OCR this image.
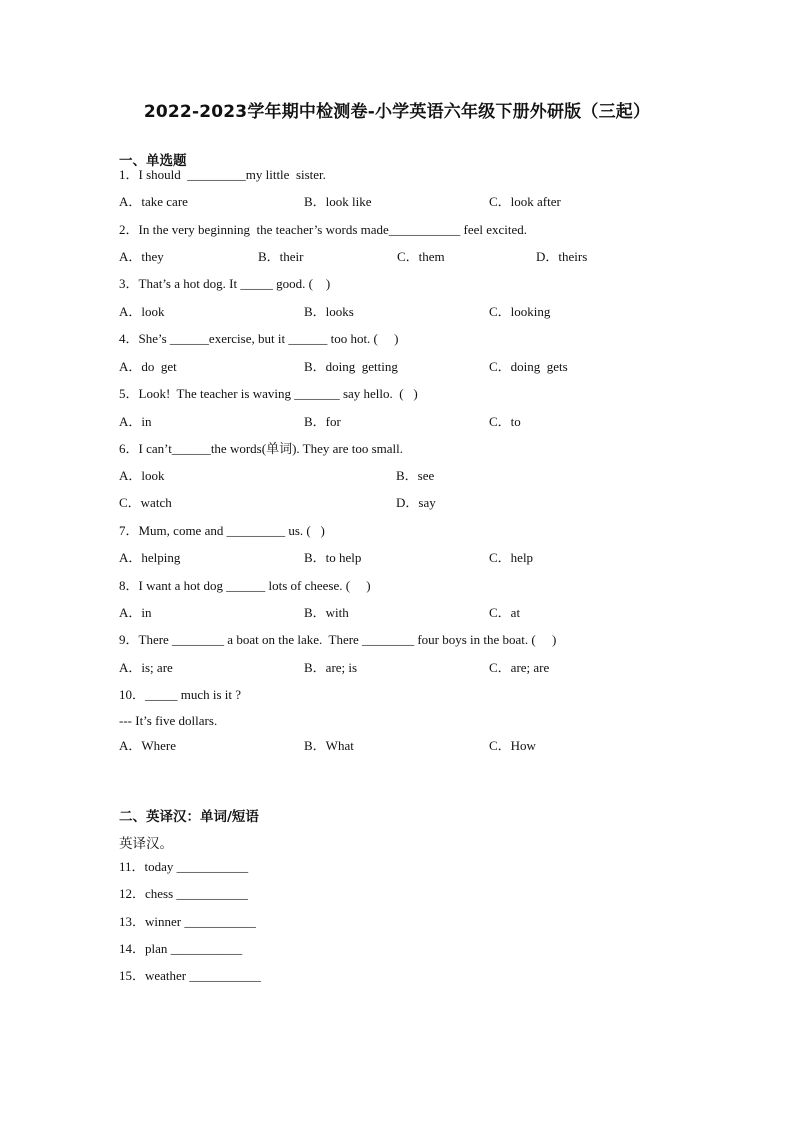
2022-2023学年期中检测卷-小学英语六年级下册外研版（三起）
一、单选题
1．I should  _________my little  sister.
A．take care	B．look like	C．look after
2．In the very beginning  the teacher’s words made___________ feel excited.
A．they	B．their	C．them	D．theirs
3．That’s a hot dog. It _____ good. (    )
A．look	B．looks	C．looking
4．She’s ______exercise, but it ______ too hot. (     )
A．do  get	B．doing  getting	C．doing  gets
5．Look!  The teacher is waving _______ say hello.  (   )
A．in	B．for	C．to
6．I can’t______the words(单词). They are too small.
A．look	B．see
C．watch	D．say
7．Mum, come and _________ us. (   )
A．helping	B．to help	C．help
8．I want a hot dog ______ lots of cheese. (     )
A．in	B．with	C．at
9．There ________ a boat on the lake.  There ________ four boys in the boat. (     )
A．is; are	B．are; is	C．are; are
10．_____ much is it ?
--- It’s five dollars.
A．Where	B．What	C．How
二、英译汉：单词/短语
英译汉。
11．today ___________
12．chess ___________
13．winner ___________
14．plan ___________
15．weather ___________
